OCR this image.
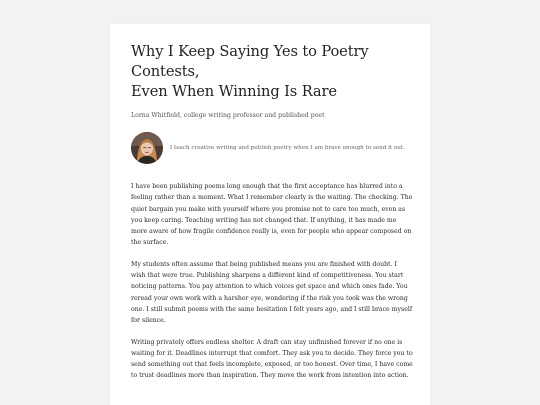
Why I Keep Saying Yes to Poetry Contests,
Even When Winning Is Rare
Lorna Whitfield, college writing professor and published poet
I teach creative writing and publish poetry when I am brave enough to send it out.

I have been publishing poems long enough that the first acceptance has blurred into a feeling rather than a moment. What I remember clearly is the waiting. The checking. The quiet bargain you make with yourself where you promise not to care too much, even as you keep caring. Teaching writing has not changed that. If anything, it has made me more aware of how fragile confidence really is, even for people who appear composed on the surface.

My students often assume that being published means you are finished with doubt. I wish that were true. Publishing sharpens a different kind of competitiveness. You start noticing patterns. You pay attention to which voices get space and which ones fade. You reread your own work with a harsher eye, wondering if the risk you took was the wrong one. I still submit poems with the same hesitation I felt years ago, and I still brace myself for silence.

Writing privately offers endless shelter. A draft can stay unfinished forever if no one is waiting for it. Deadlines interrupt that comfort. They ask you to decide. They force you to send something out that feels incomplete, exposed, or too honest. Over time, I have come to trust deadlines more than inspiration. They move the work from intention into action.
